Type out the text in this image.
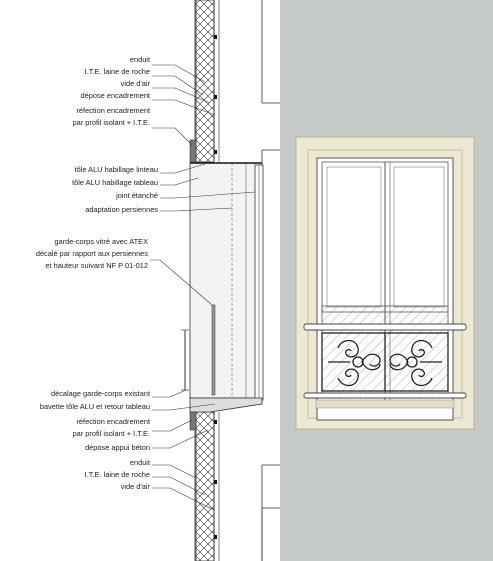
enduit
I.T.E. laine de roche
vide d'air
dépose encadrement
réfection encadrement
par profil isolant + I.T.E.
tôle ALU habillage linteau
tôle ALU habillage tableau
joint étanché
adaptation persiennes
garde-corps vitré avec ATEX
décalé par rapport aux persiennes
et hauteur suivant NF P 01-012
décalage garde-corps existant
bavette tôle ALU et retour tableau
réfection encadrement
par profil isolant + I.T.E.
dépose appui béton
enduit
I.T.E. laine de roche
vide d'air
